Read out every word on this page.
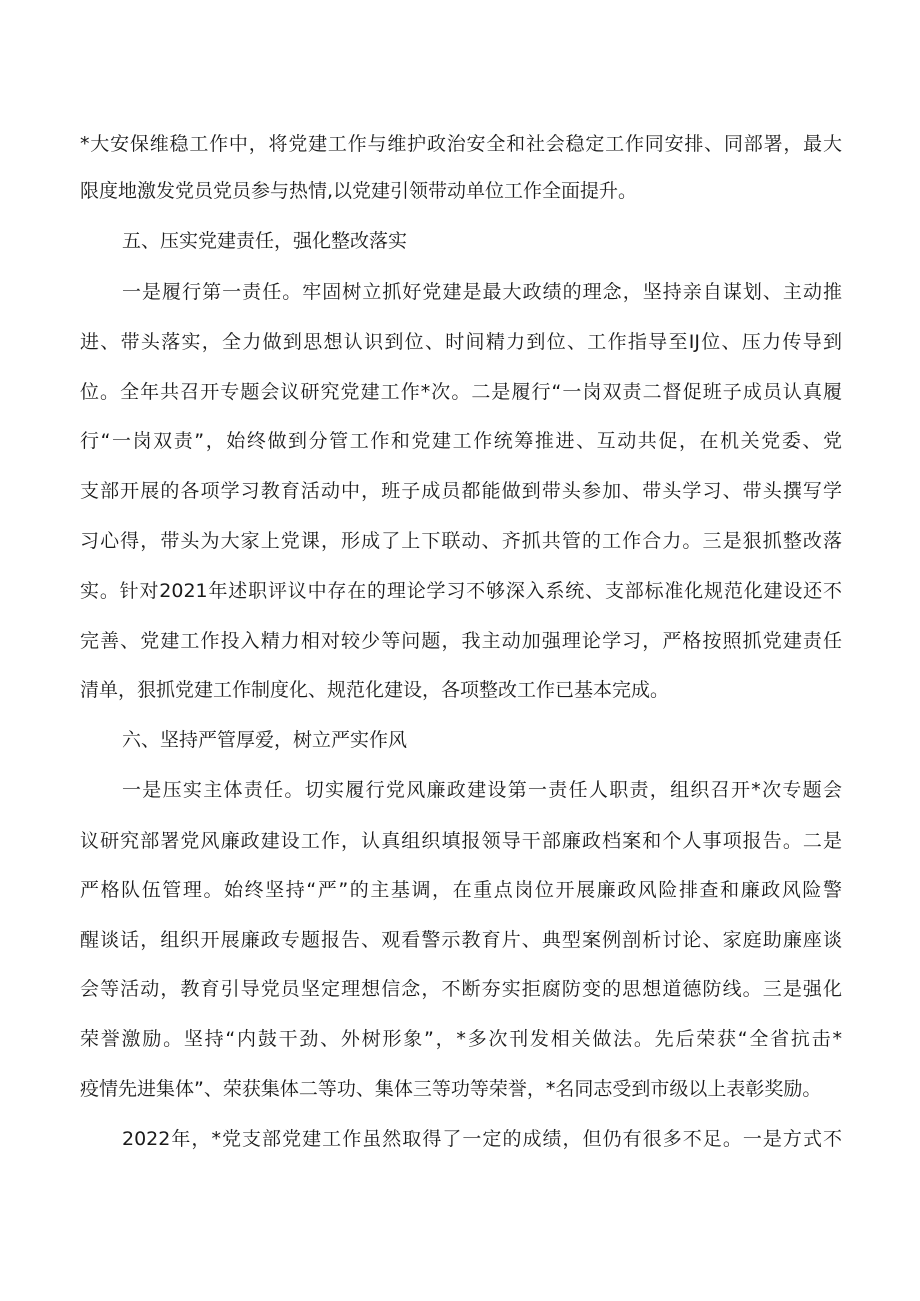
*大安保维稳工作中，将党建工作与维护政治安全和社会稳定工作同安排、同部署，最大
限度地激发党员党员参与热情,以党建引领带动单位工作全面提升。
五、压实党建责任，强化整改落实
一是履行第一责任。牢固树立抓好党建是最大政绩的理念，坚持亲自谋划、主动推
进、带头落实，全力做到思想认识到位、时间精力到位、工作指导至IJ位、压力传导到
位。全年共召开专题会议研究党建工作*次。二是履行“一岗双责二督促班子成员认真履
行“一岗双责”，始终做到分管工作和党建工作统筹推进、互动共促，在机关党委、党
支部开展的各项学习教育活动中，班子成员都能做到带头参加、带头学习、带头撰写学
习心得，带头为大家上党课，形成了上下联动、齐抓共管的工作合力。三是狠抓整改落
实。针对2021年述职评议中存在的理论学习不够深入系统、支部标准化规范化建设还不
完善、党建工作投入精力相对较少等问题，我主动加强理论学习，严格按照抓党建责任
清单，狠抓党建工作制度化、规范化建设，各项整改工作已基本完成。
六、坚持严管厚爱，树立严实作风
一是压实主体责任。切实履行党风廉政建设第一责任人职责，组织召开*次专题会
议研究部署党风廉政建设工作，认真组织填报领导干部廉政档案和个人事项报告。二是
严格队伍管理。始终坚持“严”的主基调，在重点岗位开展廉政风险排查和廉政风险警
醒谈话，组织开展廉政专题报告、观看警示教育片、典型案例剖析讨论、家庭助廉座谈
会等活动，教育引导党员坚定理想信念，不断夯实拒腐防变的思想道德防线。三是强化
荣誉激励。坚持“内鼓干劲、外树形象”，*多次刊发相关做法。先后荣获“全省抗击*
疫情先进集体”、荣获集体二等功、集体三等功等荣誉，*名同志受到市级以上表彰奖励。
2022年，*党支部党建工作虽然取得了一定的成绩，但仍有很多不足。一是方式不
